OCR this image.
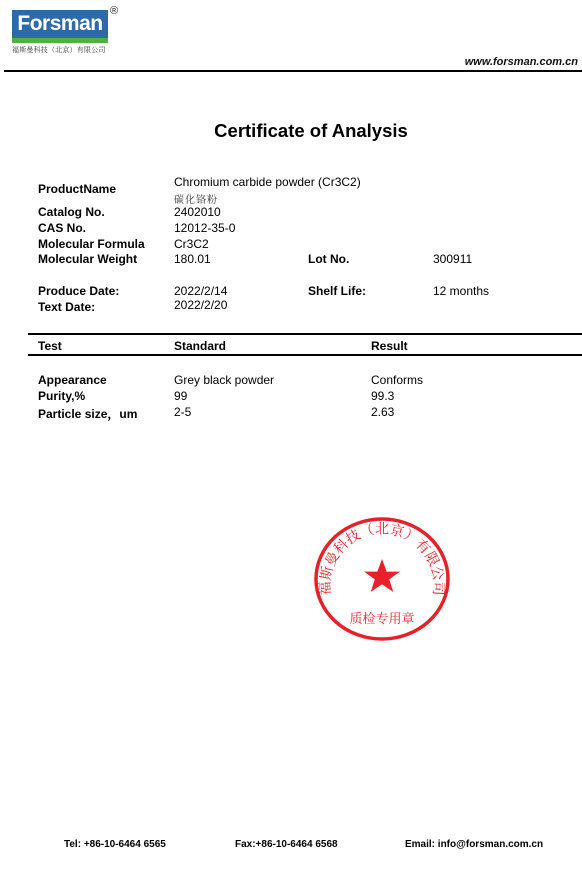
Forsman
®
福斯曼科技（北京）有限公司
www.forsman.com.cn
Certificate of Analysis
ProductName	Chromium carbide powder (Cr3C2)
碳化铬粉
Catalog No.	2402010
CAS No.	12012-35-0
Molecular Formula Cr3C2
Molecular Weight	180.01	Lot No.	300911
Produce Date:	2022/2/14	Shelf Life:	12 months
Text Date:	2022/2/20
Test	Standard	Result
Appearance	Grey black powder	Conforms
Purity,%	99	99.3
Particle size，um	2-5	2.63
福斯曼科技（北京）有限公司
质检专用章
Tel: +86-10-6464 6565	Fax:+86-10-6464 6568	Email: info@forsman.com.cn
